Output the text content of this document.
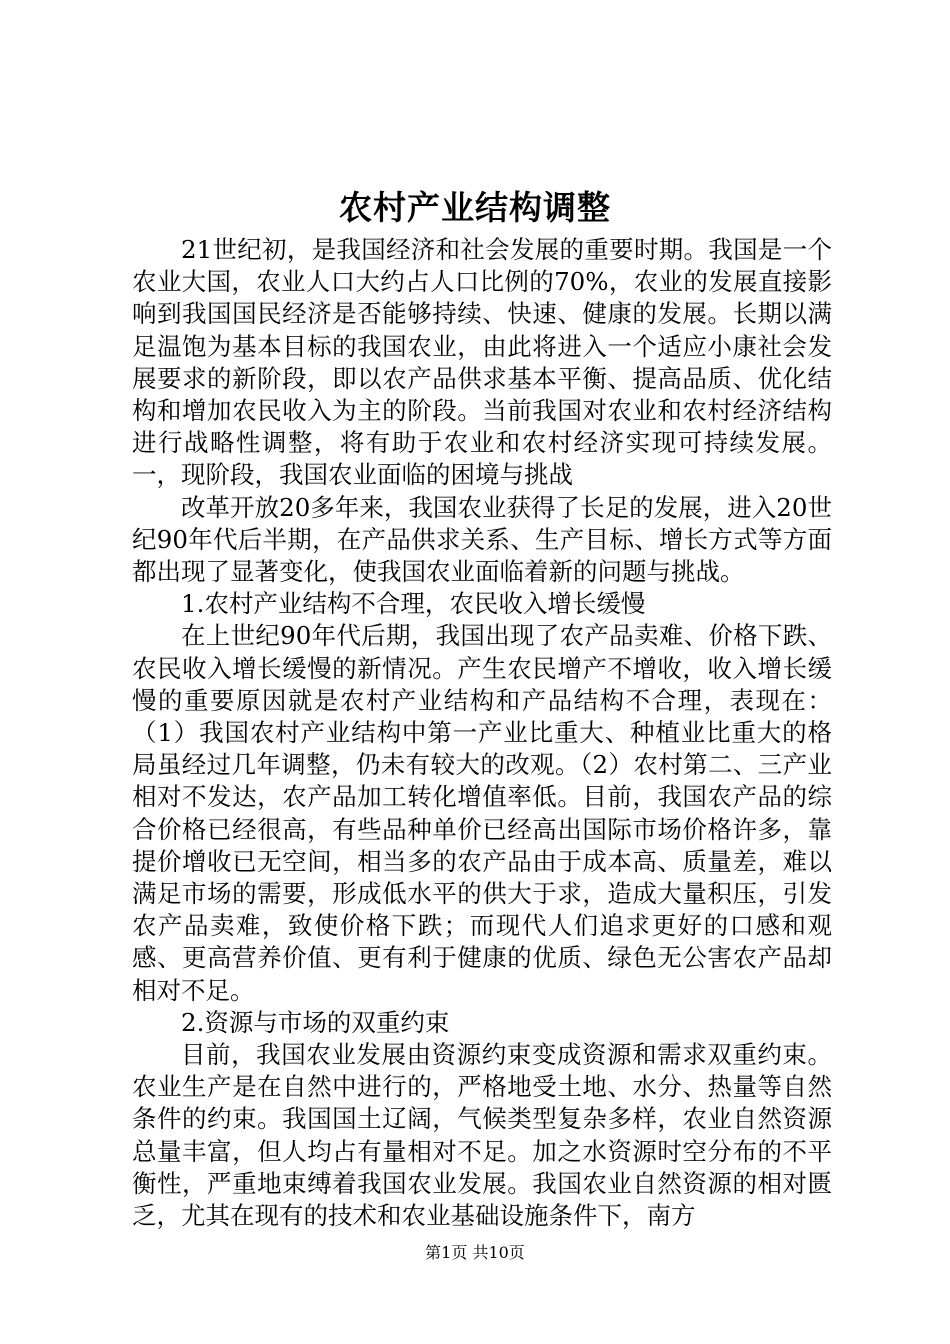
农村产业结构调整

21世纪初，是我国经济和社会发展的重要时期。我国是一个农业大国，农业人口大约占人口比例的70%，农业的发展直接影响到我国国民经济是否能够持续、快速、健康的发展。长期以满足温饱为基本目标的我国农业，由此将进入一个适应小康社会发展要求的新阶段，即以农产品供求基本平衡、提高品质、优化结构和增加农民收入为主的阶段。当前我国对农业和农村经济结构进行战略性调整，将有助于农业和农村经济实现可持续发展。一，现阶段，我国农业面临的困境与挑战

改革开放20多年来，我国农业获得了长足的发展，进入20世纪90年代后半期，在产品供求关系、生产目标、增长方式等方面都出现了显著变化，使我国农业面临着新的问题与挑战。

1.农村产业结构不合理，农民收入增长缓慢

在上世纪90年代后期，我国出现了农产品卖难、价格下跌、农民收入增长缓慢的新情况。产生农民增产不增收，收入增长缓慢的重要原因就是农村产业结构和产品结构不合理，表现在：（1）我国农村产业结构中第一产业比重大、种植业比重大的格局虽经过几年调整，仍未有较大的改观。（2）农村第二、三产业相对不发达，农产品加工转化增值率低。目前，我国农产品的综合价格已经很高，有些品种单价已经高出国际市场价格许多，靠提价增收已无空间，相当多的农产品由于成本高、质量差，难以满足市场的需要，形成低水平的供大于求，造成大量积压，引发农产品卖难，致使价格下跌；而现代人们追求更好的口感和观感、更高营养价值、更有利于健康的优质、绿色无公害农产品却相对不足。

2.资源与市场的双重约束

目前，我国农业发展由资源约束变成资源和需求双重约束。农业生产是在自然中进行的，严格地受土地、水分、热量等自然条件的约束。我国国土辽阔，气候类型复杂多样，农业自然资源总量丰富，但人均占有量相对不足。加之水资源时空分布的不平衡性，严重地束缚着我国农业发展。我国农业自然资源的相对匮乏，尤其在现有的技术和农业基础设施条件下，南方

第1页 共10页
